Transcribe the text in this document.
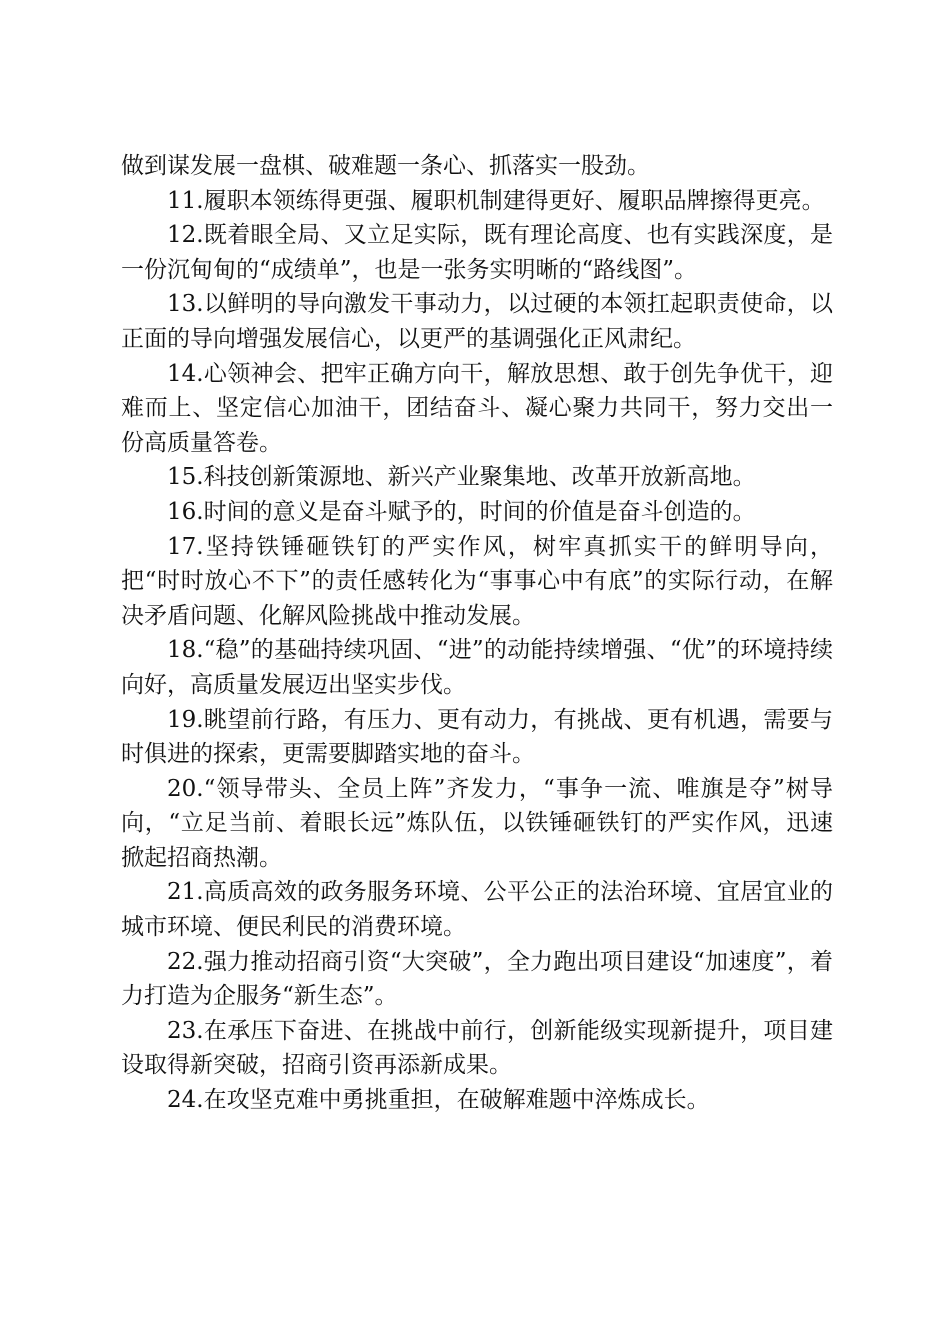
做到谋发展一盘棋、破难题一条心、抓落实一股劲。

11.履职本领练得更强、履职机制建得更好、履职品牌擦得更亮。

12.既着眼全局、又立足实际，既有理论高度、也有实践深度，是一份沉甸甸的“成绩单”，也是一张务实明晰的“路线图”。

13.以鲜明的导向激发干事动力，以过硬的本领扛起职责使命，以正面的导向增强发展信心，以更严的基调强化正风肃纪。

14.心领神会、把牢正确方向干，解放思想、敢于创先争优干，迎难而上、坚定信心加油干，团结奋斗、凝心聚力共同干，努力交出一份高质量答卷。

15.科技创新策源地、新兴产业聚集地、改革开放新高地。

16.时间的意义是奋斗赋予的，时间的价值是奋斗创造的。

17.坚持铁锤砸铁钉的严实作风，树牢真抓实干的鲜明导向，把“时时放心不下”的责任感转化为“事事心中有底”的实际行动，在解决矛盾问题、化解风险挑战中推动发展。

18.“稳”的基础持续巩固、“进”的动能持续增强、“优”的环境持续向好，高质量发展迈出坚实步伐。

19.眺望前行路，有压力、更有动力，有挑战、更有机遇，需要与时俱进的探索，更需要脚踏实地的奋斗。

20.“领导带头、全员上阵”齐发力，“事争一流、唯旗是夺”树导向，“立足当前、着眼长远”炼队伍，以铁锤砸铁钉的严实作风，迅速掀起招商热潮。

21.高质高效的政务服务环境、公平公正的法治环境、宜居宜业的城市环境、便民利民的消费环境。

22.强力推动招商引资“大突破”，全力跑出项目建设“加速度”，着力打造为企服务“新生态”。

23.在承压下奋进、在挑战中前行，创新能级实现新提升，项目建设取得新突破，招商引资再添新成果。

24.在攻坚克难中勇挑重担，在破解难题中淬炼成长。
